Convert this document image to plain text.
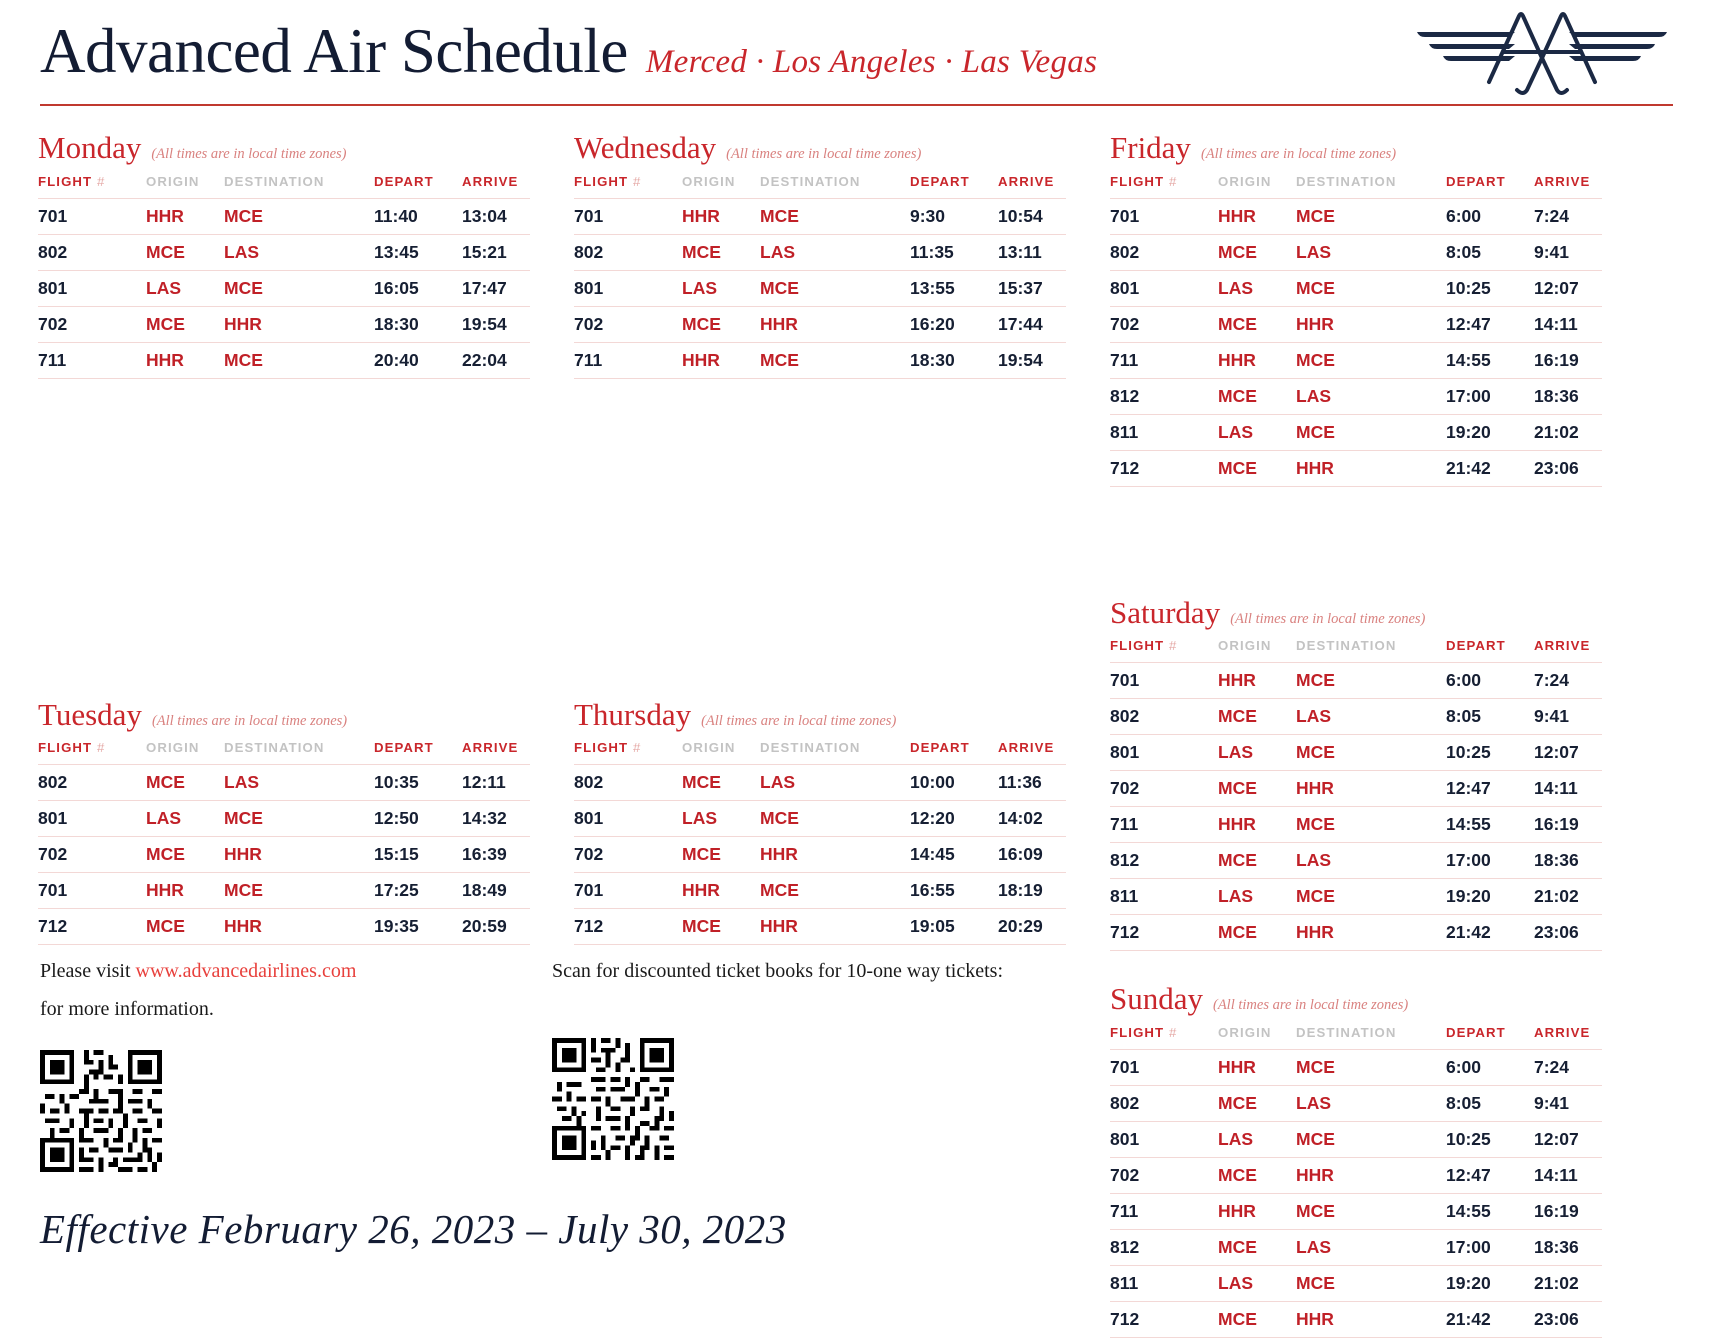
Advanced Air Schedule Merced · Los Angeles · Las Vegas
Monday (All times are in local time zones)
FLIGHT #	ORIGIN	DESTINATION	DEPART	ARRIVE
701	HHR	MCE	11:40	13:04
802	MCE	LAS	13:45	15:21
801	LAS	MCE	16:05	17:47
702	MCE	HHR	18:30	19:54
711	HHR	MCE	20:40	22:04
Tuesday (All times are in local time zones)
FLIGHT #	ORIGIN	DESTINATION	DEPART	ARRIVE
802	MCE	LAS	10:35	12:11
801	LAS	MCE	12:50	14:32
702	MCE	HHR	15:15	16:39
701	HHR	MCE	17:25	18:49
712	MCE	HHR	19:35	20:59
Wednesday (All times are in local time zones)
FLIGHT #	ORIGIN	DESTINATION	DEPART	ARRIVE
701	HHR	MCE	9:30	10:54
802	MCE	LAS	11:35	13:11
801	LAS	MCE	13:55	15:37
702	MCE	HHR	16:20	17:44
711	HHR	MCE	18:30	19:54
Thursday (All times are in local time zones)
FLIGHT #	ORIGIN	DESTINATION	DEPART	ARRIVE
802	MCE	LAS	10:00	11:36
801	LAS	MCE	12:20	14:02
702	MCE	HHR	14:45	16:09
701	HHR	MCE	16:55	18:19
712	MCE	HHR	19:05	20:29
Friday (All times are in local time zones)
FLIGHT #	ORIGIN	DESTINATION	DEPART	ARRIVE
701	HHR	MCE	6:00	7:24
802	MCE	LAS	8:05	9:41
801	LAS	MCE	10:25	12:07
702	MCE	HHR	12:47	14:11
711	HHR	MCE	14:55	16:19
812	MCE	LAS	17:00	18:36
811	LAS	MCE	19:20	21:02
712	MCE	HHR	21:42	23:06
Saturday (All times are in local time zones)
FLIGHT #	ORIGIN	DESTINATION	DEPART	ARRIVE
701	HHR	MCE	6:00	7:24
802	MCE	LAS	8:05	9:41
801	LAS	MCE	10:25	12:07
702	MCE	HHR	12:47	14:11
711	HHR	MCE	14:55	16:19
812	MCE	LAS	17:00	18:36
811	LAS	MCE	19:20	21:02
712	MCE	HHR	21:42	23:06
Sunday (All times are in local time zones)
FLIGHT #	ORIGIN	DESTINATION	DEPART	ARRIVE
701	HHR	MCE	6:00	7:24
802	MCE	LAS	8:05	9:41
801	LAS	MCE	10:25	12:07
702	MCE	HHR	12:47	14:11
711	HHR	MCE	14:55	16:19
812	MCE	LAS	17:00	18:36
811	LAS	MCE	19:20	21:02
712	MCE	HHR	21:42	23:06
Please visit www.advancedairlines.com
for more information.
Scan for discounted ticket books for 10-one way tickets:
Effective February 26, 2023 – July 30, 2023
